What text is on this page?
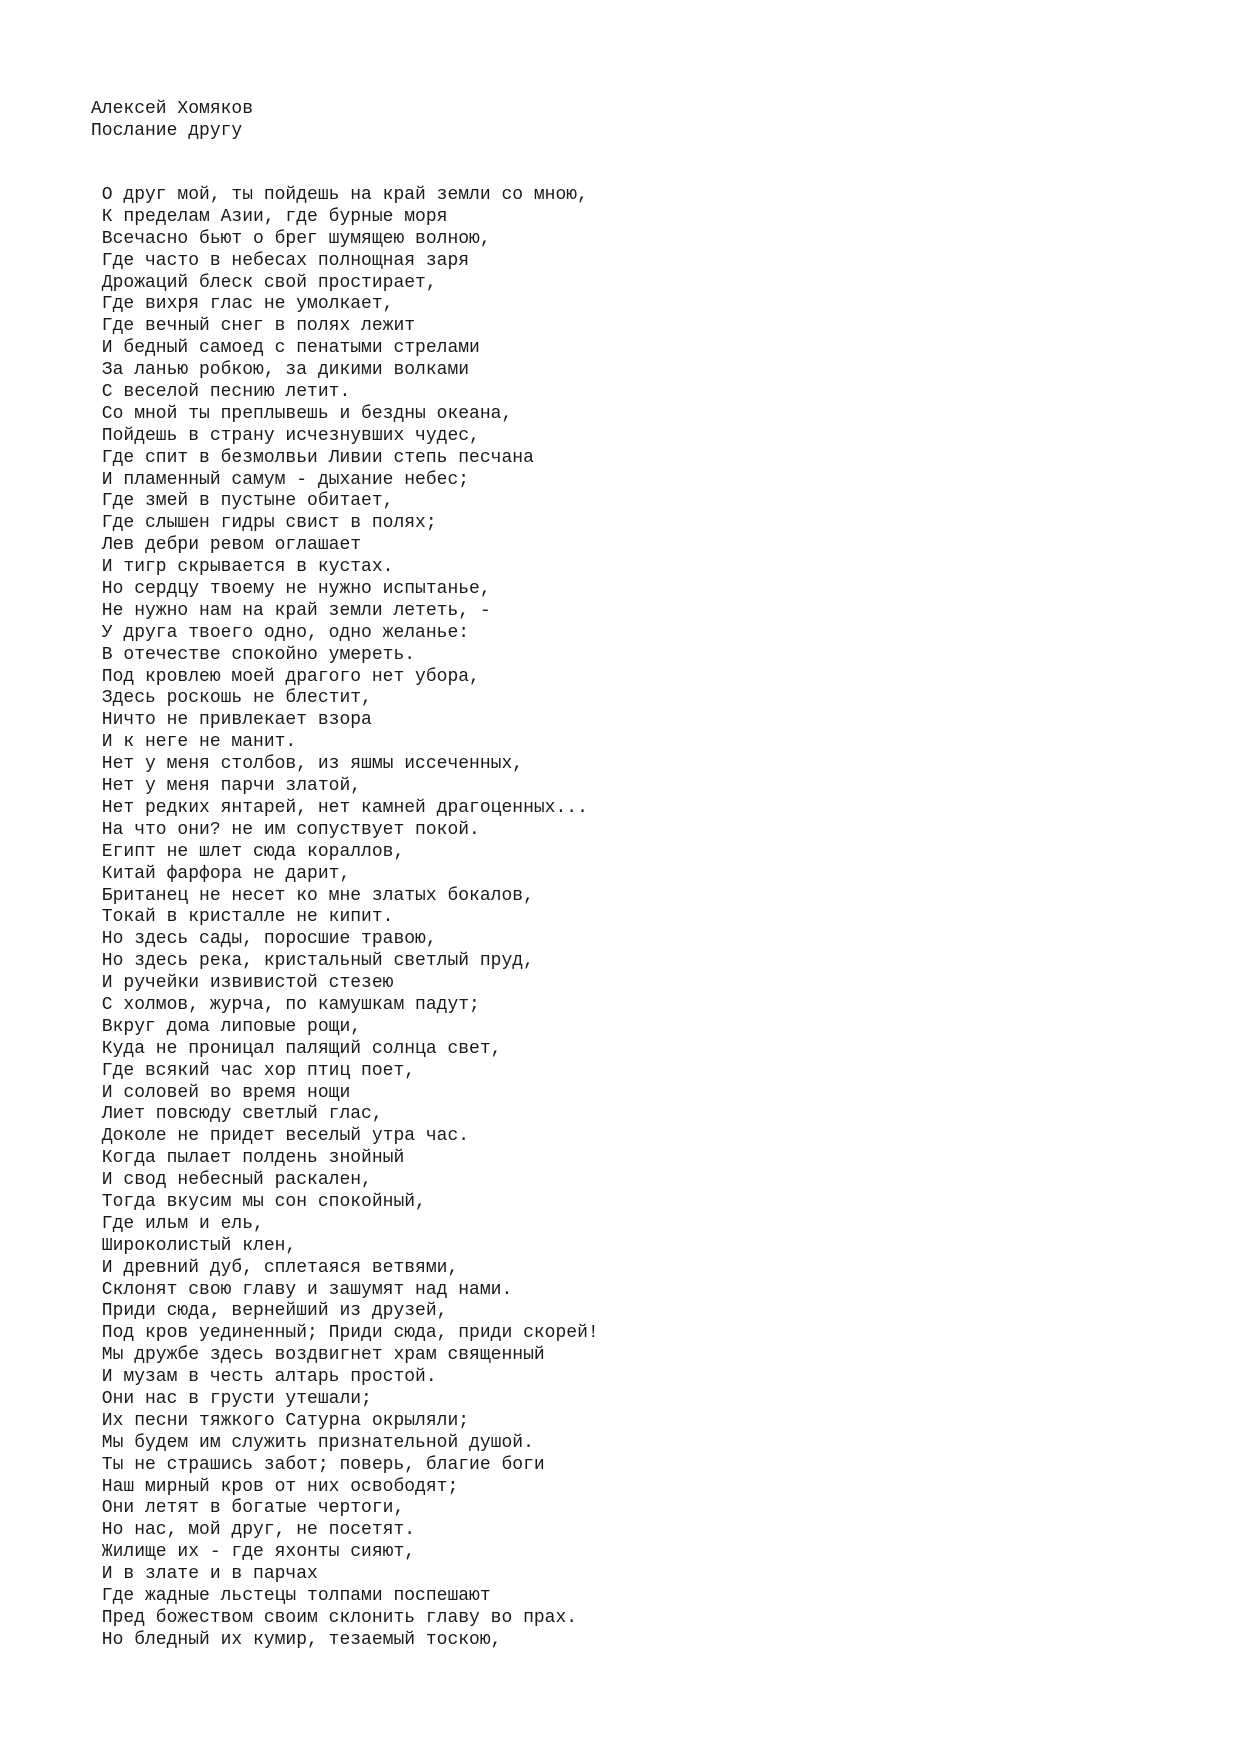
Алексей Хомяков
Послание другу
О друг мой, ты пойдешь на край земли со мною,
К пределам Азии, где бурные моря
Всечасно бьют о брег шумящею волною,
Где часто в небесах полнощная заря
Дрожаций блеск свой простирает,
Где вихря глас не умолкает,
Где вечный снег в полях лежит
И бедный самоед с пенатыми стрелами
За ланью робкою, за дикими волками
С веселой песнию летит.
Со мной ты преплывешь и бездны океана,
Пойдешь в страну исчезнувших чудес,
Где спит в безмолвьи Ливии степь песчана
И пламенный самум - дыхание небес;
Где змей в пустыне обитает,
Где слышен гидры свист в полях;
Лев дебри ревом оглашает
И тигр скрывается в кустах.
Но сердцу твоему не нужно испытанье,
Не нужно нам на край земли лететь, -
У друга твоего одно, одно желанье:
В отечестве спокойно умереть.
Под кровлею моей драгого нет убора,
Здесь роскошь не блестит,
Ничто не привлекает взора
И к неге не манит.
Нет у меня столбов, из яшмы иссеченных,
Нет у меня парчи златой,
Нет редких янтарей, нет камней драгоценных...
На что они? не им сопуствует покой.
Египт не шлет сюда кораллов,
Китай фарфора не дарит,
Британец не несет ко мне златых бокалов,
Токай в кристалле не кипит.
Но здесь сады, поросшие травою,
Но здесь река, кристальный светлый пруд,
И ручейки извивистой стезею
С холмов, журча, по камушкам падут;
Вкруг дома липовые рощи,
Куда не проницал палящий солнца свет,
Где всякий час хор птиц поет,
И соловей во время нощи
Лиет повсюду светлый глас,
Доколе не придет веселый утра час.
Когда пылает полдень знойный
И свод небесный раскален,
Тогда вкусим мы сон спокойный,
Где ильм и ель,
Широколистый клен,
И древний дуб, сплетаяся ветвями,
Склонят свою главу и зашумят над нами.
Приди сюда, вернейший из друзей,
Под кров уединенный; Приди сюда, приди скорей!
Мы дружбе здесь воздвигнет храм священный
И музам в честь алтарь простой.
Они нас в грусти утешали;
Их песни тяжкого Сатурна окрыляли;
Мы будем им служить признательной душой.
Ты не страшись забот; поверь, благие боги
Наш мирный кров от них освободят;
Они летят в богатые чертоги,
Но нас, мой друг, не посетят.
Жилище их - где яхонты сияют,
И в злате и в парчах
Где жадные льстецы толпами поспешают
Пред божеством своим склонить главу во прах.
Но бледный их кумир, тезаемый тоскою,
